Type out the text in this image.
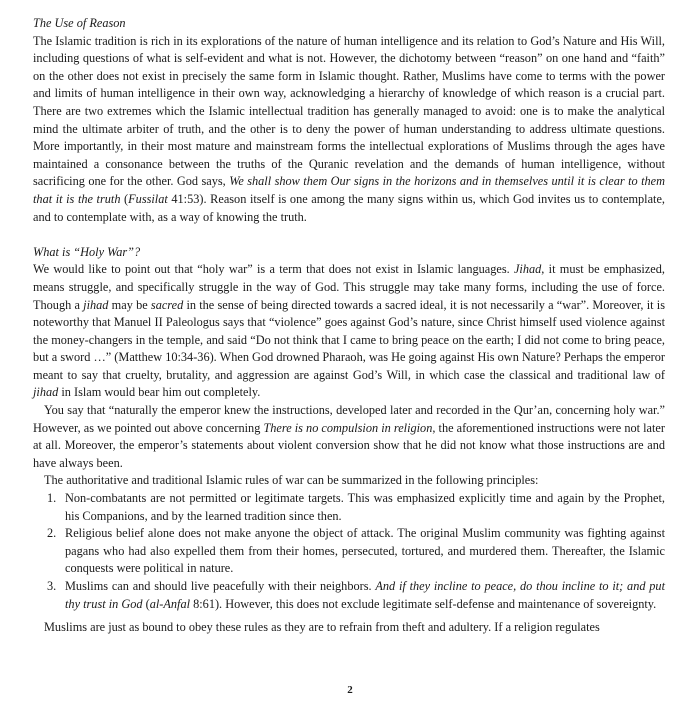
The Use of Reason

The Islamic tradition is rich in its explorations of the nature of human intelligence and its relation to God’s Nature and His Will, including questions of what is self-evident and what is not. However, the dichotomy between “reason” on one hand and “faith” on the other does not exist in precisely the same form in Islamic thought. Rather, Muslims have come to terms with the power and limits of human intelligence in their own way, acknowledging a hierarchy of knowledge of which reason is a crucial part. There are two extremes which the Islamic intellectual tradition has generally managed to avoid: one is to make the analytical mind the ultimate arbiter of truth, and the other is to deny the power of human understanding to address ultimate questions. More importantly, in their most mature and mainstream forms the intellectual explorations of Muslims through the ages have maintained a consonance between the truths of the Quranic revelation and the demands of human intelligence, without sacrificing one for the other. God says, We shall show them Our signs in the horizons and in themselves until it is clear to them that it is the truth (Fussilat 41:53). Reason itself is one among the many signs within us, which God invites us to contemplate, and to contemplate with, as a way of knowing the truth.

What is “Holy War”?

We would like to point out that “holy war” is a term that does not exist in Islamic languages. Jihad, it must be emphasized, means struggle, and specifically struggle in the way of God. This struggle may take many forms, including the use of force. Though a jihad may be sacred in the sense of being directed towards a sacred ideal, it is not necessarily a “war”. Moreover, it is noteworthy that Manuel II Paleologus says that “violence” goes against God’s nature, since Christ himself used violence against the money-changers in the temple, and said “Do not think that I came to bring peace on the earth; I did not come to bring peace, but a sword …” (Matthew 10:34-36). When God drowned Pharaoh, was He going against His own Nature? Perhaps the emperor meant to say that cruelty, brutality, and aggression are against God’s Will, in which case the classical and traditional law of jihad in Islam would bear him out completely.

You say that “naturally the emperor knew the instructions, developed later and recorded in the Qur’an, concerning holy war.” However, as we pointed out above concerning There is no compulsion in religion, the aforementioned instructions were not later at all. Moreover, the emperor’s statements about violent conversion show that he did not know what those instructions are and have always been.

The authoritative and traditional Islamic rules of war can be summarized in the following principles:

Non-combatants are not permitted or legitimate targets. This was emphasized explicitly time and again by the Prophet, his Companions, and by the learned tradition since then.
Religious belief alone does not make anyone the object of attack. The original Muslim community was fighting against pagans who had also expelled them from their homes, persecuted, tortured, and murdered them. Thereafter, the Islamic conquests were political in nature.
Muslims can and should live peacefully with their neighbors. And if they incline to peace, do thou incline to it; and put thy trust in God (al-Anfal 8:61). However, this does not exclude legitimate self-defense and maintenance of sovereignty.

Muslims are just as bound to obey these rules as they are to refrain from theft and adultery. If a religion regulates

2
